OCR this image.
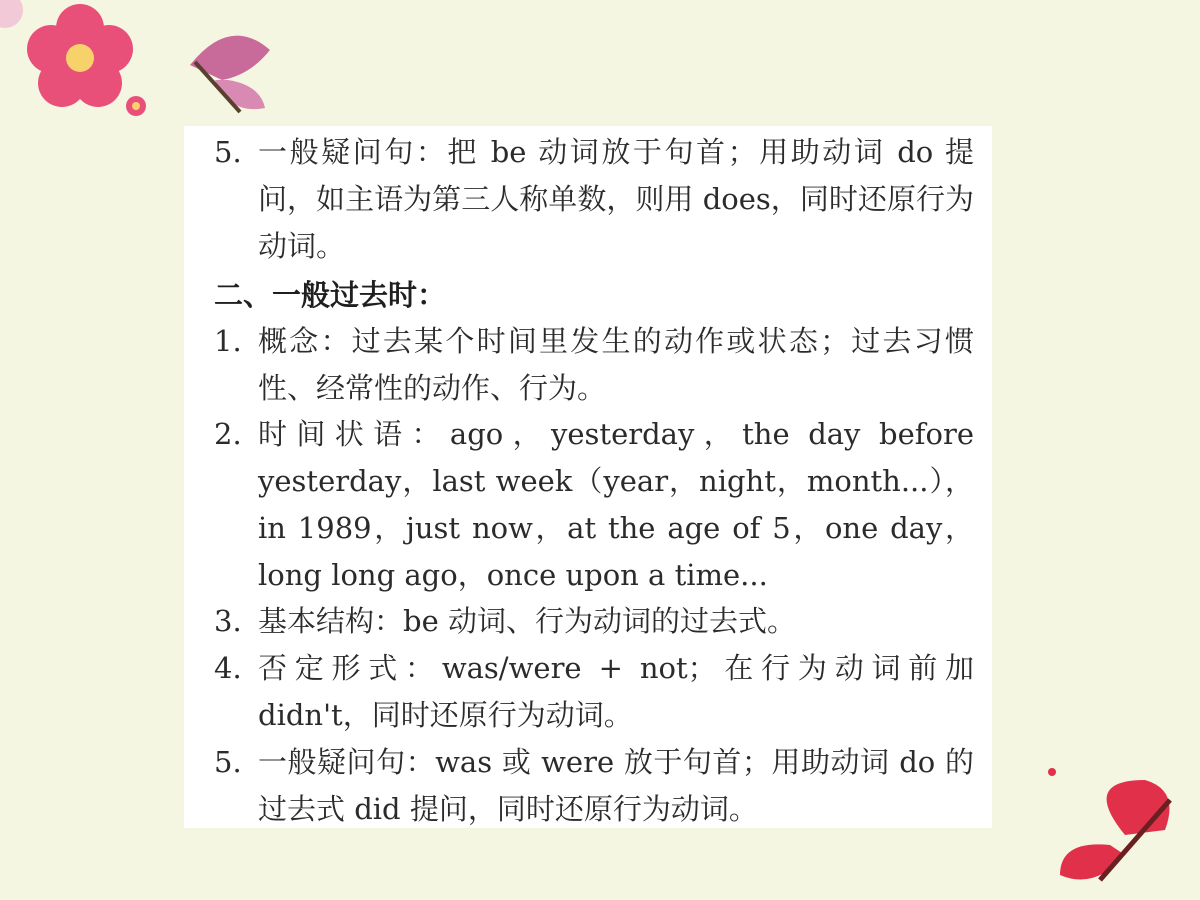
5. 一般疑问句：把 be 动词放于句首；用助动词 do 提问，如主语为第三人称单数，则用 does，同时还原行为动词。
二、一般过去时：
1. 概念：过去某个时间里发生的动作或状态；过去习惯性、经常性的动作、行为。
2. 时间状语：ago，yesterday，the day before yesterday，last week（year，night，month...），in 1989，just now，at the age of 5，one day，long long ago，once upon a time...
3. 基本结构：be 动词、行为动词的过去式。
4. 否定形式：was/were + not；在行为动词前加 didn't，同时还原行为动词。
5. 一般疑问句：was 或 were 放于句首；用助动词 do 的过去式 did 提问，同时还原行为动词。
